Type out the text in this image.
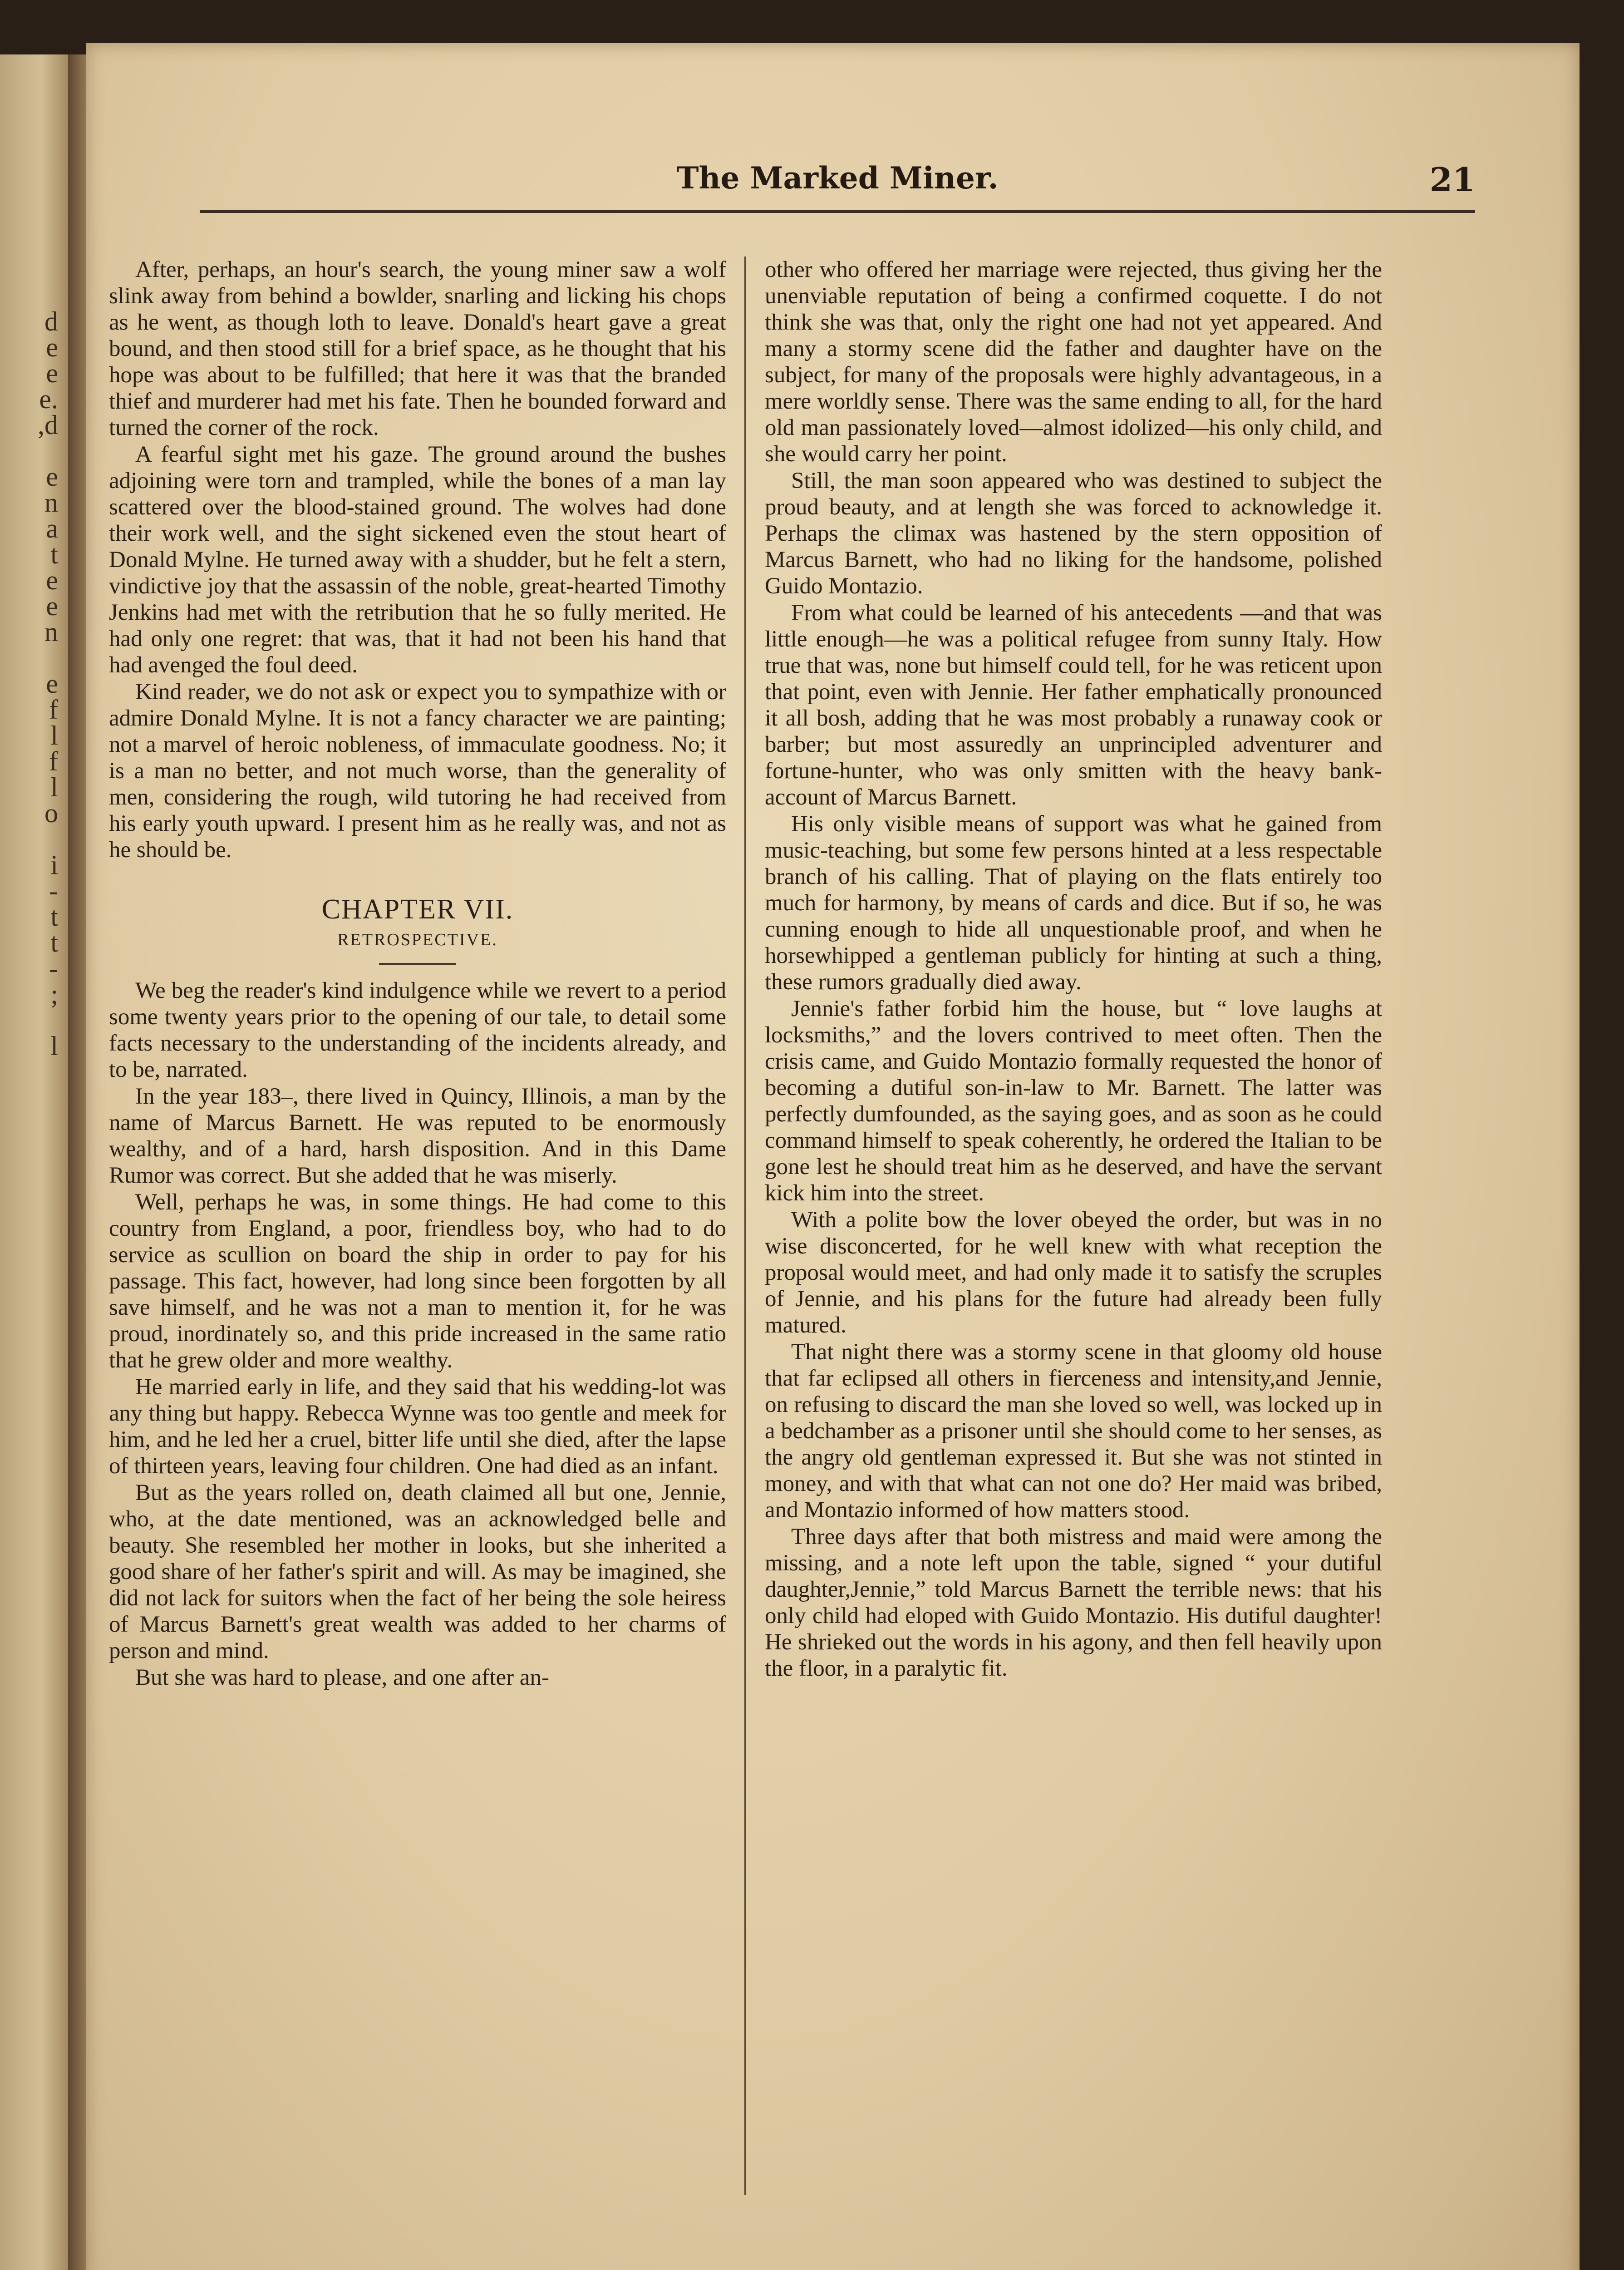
d
e
e
e.
,d

e
n
a
t
e
e
n

e
f
l
f
l
o

i
-
t
t
-
;

l

The Marked Miner.	21

After, perhaps, an hour's search, the young miner saw a wolf slink away from behind a bowlder, snarling and licking his chops as he went, as though loth to leave. Donald's heart gave a great bound, and then stood still for a brief space, as he thought that his hope was about to be fulfilled; that here it was that the branded thief and murderer had met his fate. Then he bounded forward and turned the corner of the rock.

A fearful sight met his gaze. The ground around the bushes adjoining were torn and trampled, while the bones of a man lay scattered over the blood-stained ground. The wolves had done their work well, and the sight sickened even the stout heart of Donald Mylne. He turned away with a shudder, but he felt a stern, vindictive joy that the assassin of the noble, great-hearted Timothy Jenkins had met with the retribution that he so fully merited. He had only one regret: that was, that it had not been his hand that had avenged the foul deed.

Kind reader, we do not ask or expect you to sympathize with or admire Donald Mylne. It is not a fancy character we are painting; not a marvel of heroic nobleness, of immaculate goodness. No; it is a man no better, and not much worse, than the generality of men, considering the rough, wild tutoring he had received from his early youth upward. I present him as he really was, and not as he should be.

CHAPTER VII.
RETROSPECTIVE.

We beg the reader's kind indulgence while we revert to a period some twenty years prior to the opening of our tale, to detail some facts necessary to the understanding of the incidents already, and to be, narrated.

In the year 183–, there lived in Quincy, Illinois, a man by the name of Marcus Barnett. He was reputed to be enormously wealthy, and of a hard, harsh disposition. And in this Dame Rumor was correct. But she added that he was miserly.

Well, perhaps he was, in some things. He had come to this country from England, a poor, friendless boy, who had to do service as scullion on board the ship in order to pay for his passage. This fact, however, had long since been forgotten by all save himself, and he was not a man to mention it, for he was proud, inordinately so, and this pride increased in the same ratio that he grew older and more wealthy.

He married early in life, and they said that his wedding-lot was any thing but happy. Rebecca Wynne was too gentle and meek for him, and he led her a cruel, bitter life until she died, after the lapse of thirteen years, leaving four children. One had died as an infant.

But as the years rolled on, death claimed all but one, Jennie, who, at the date mentioned, was an acknowledged belle and beauty. She resembled her mother in looks, but she inherited a good share of her father's spirit and will. As may be imagined, she did not lack for suitors when the fact of her being the sole heiress of Marcus Barnett's great wealth was added to her charms of person and mind.

But she was hard to please, and one after an-

other who offered her marriage were rejected, thus giving her the unenviable reputation of being a confirmed coquette. I do not think she was that, only the right one had not yet appeared. And many a stormy scene did the father and daughter have on the subject, for many of the proposals were highly advantageous, in a mere worldly sense. There was the same ending to all, for the hard old man passionately loved—almost idolized—his only child, and she would carry her point.

Still, the man soon appeared who was destined to subject the proud beauty, and at length she was forced to acknowledge it. Perhaps the climax was hastened by the stern opposition of Marcus Barnett, who had no liking for the handsome, polished Guido Montazio.

From what could be learned of his antecedents —and that was little enough—he was a political refugee from sunny Italy. How true that was, none but himself could tell, for he was reticent upon that point, even with Jennie. Her father emphatically pronounced it all bosh, adding that he was most probably a runaway cook or barber; but most assuredly an unprincipled adventurer and fortune-hunter, who was only smitten with the heavy bank-account of Marcus Barnett.

His only visible means of support was what he gained from music-teaching, but some few persons hinted at a less respectable branch of his calling. That of playing on the flats entirely too much for harmony, by means of cards and dice. But if so, he was cunning enough to hide all unquestionable proof, and when he horsewhipped a gentleman publicly for hinting at such a thing, these rumors gradually died away.

Jennie's father forbid him the house, but “ love laughs at locksmiths,” and the lovers contrived to meet often. Then the crisis came, and Guido Montazio formally requested the honor of becoming a dutiful son-in-law to Mr. Barnett. The latter was perfectly dumfounded, as the saying goes, and as soon as he could command himself to speak coherently, he ordered the Italian to be gone lest he should treat him as he deserved, and have the servant kick him into the street.

With a polite bow the lover obeyed the order, but was in no wise disconcerted, for he well knew with what reception the proposal would meet, and had only made it to satisfy the scruples of Jennie, and his plans for the future had already been fully matured.

That night there was a stormy scene in that gloomy old house that far eclipsed all others in fierceness and intensity,and Jennie, on refusing to discard the man she loved so well, was locked up in a bedchamber as a prisoner until she should come to her senses, as the angry old gentleman expressed it. But she was not stinted in money, and with that what can not one do? Her maid was bribed, and Montazio informed of how matters stood.

Three days after that both mistress and maid were among the missing, and a note left upon the table, signed “ your dutiful daughter,Jennie,” told Marcus Barnett the terrible news: that his only child had eloped with Guido Montazio. His dutiful daughter! He shrieked out the words in his agony, and then fell heavily upon the floor, in a paralytic fit.
